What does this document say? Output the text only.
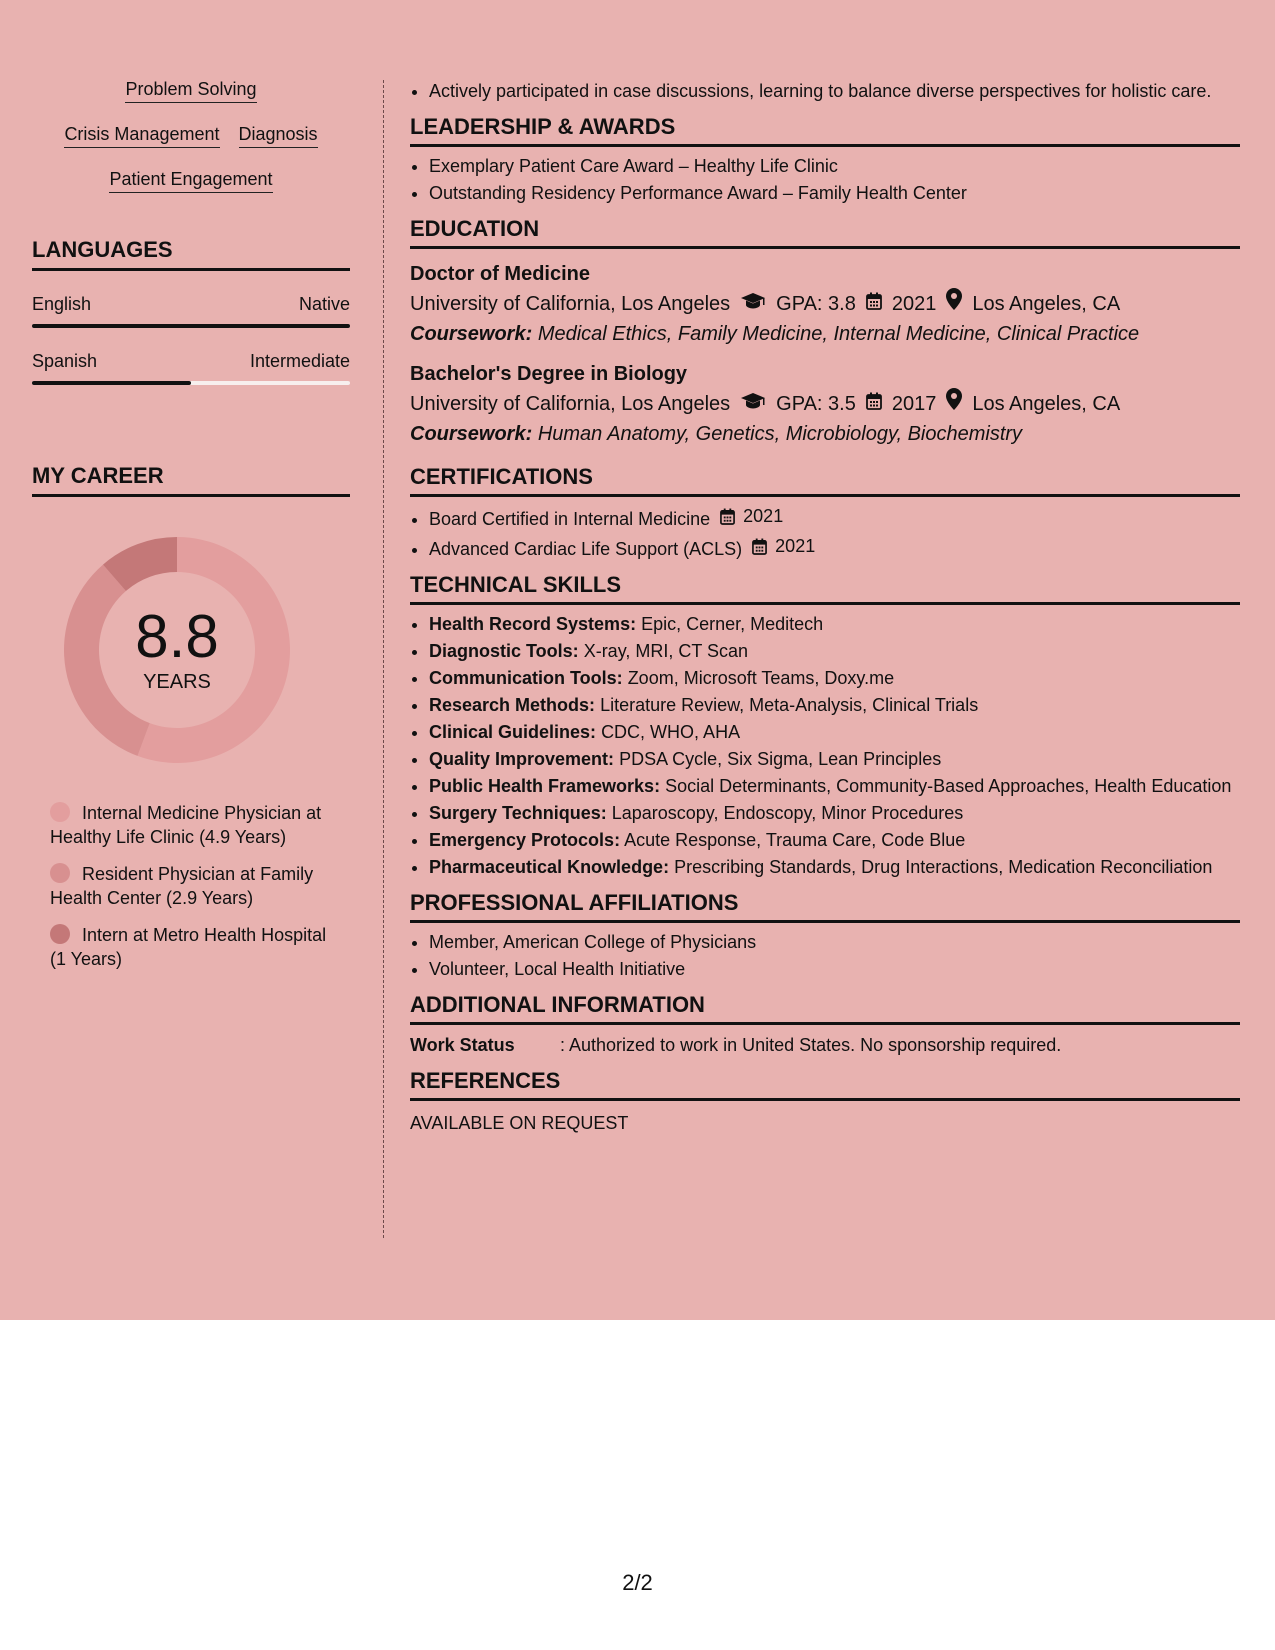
Problem Solving
Crisis Management Diagnosis
Patient Engagement
LANGUAGES
English	Native
Spanish	Intermediate
MY CAREER
8.8
YEARS
Internal Medicine Physician at Healthy Life Clinic (4.9 Years)
Resident Physician at Family Health Center (2.9 Years)
Intern at Metro Health Hospital (1 Years)
• Actively participated in case discussions, learning to balance diverse perspectives for holistic care.
LEADERSHIP & AWARDS
• Exemplary Patient Care Award – Healthy Life Clinic
• Outstanding Residency Performance Award – Family Health Center
EDUCATION
Doctor of Medicine
University of California, Los Angeles GPA: 3.8 2021 Los Angeles, CA
Coursework: Medical Ethics, Family Medicine, Internal Medicine, Clinical Practice
Bachelor's Degree in Biology
University of California, Los Angeles GPA: 3.5 2017 Los Angeles, CA
Coursework: Human Anatomy, Genetics, Microbiology, Biochemistry
CERTIFICATIONS
• Board Certified in Internal Medicine 2021
• Advanced Cardiac Life Support (ACLS) 2021
TECHNICAL SKILLS
• Health Record Systems: Epic, Cerner, Meditech
• Diagnostic Tools: X-ray, MRI, CT Scan
• Communication Tools: Zoom, Microsoft Teams, Doxy.me
• Research Methods: Literature Review, Meta-Analysis, Clinical Trials
• Clinical Guidelines: CDC, WHO, AHA
• Quality Improvement: PDSA Cycle, Six Sigma, Lean Principles
• Public Health Frameworks: Social Determinants, Community-Based Approaches, Health Education
• Surgery Techniques: Laparoscopy, Endoscopy, Minor Procedures
• Emergency Protocols: Acute Response, Trauma Care, Code Blue
• Pharmaceutical Knowledge: Prescribing Standards, Drug Interactions, Medication Reconciliation
PROFESSIONAL AFFILIATIONS
• Member, American College of Physicians
• Volunteer, Local Health Initiative
ADDITIONAL INFORMATION
Work Status	: Authorized to work in United States. No sponsorship required.
REFERENCES
AVAILABLE ON REQUEST
2/2
